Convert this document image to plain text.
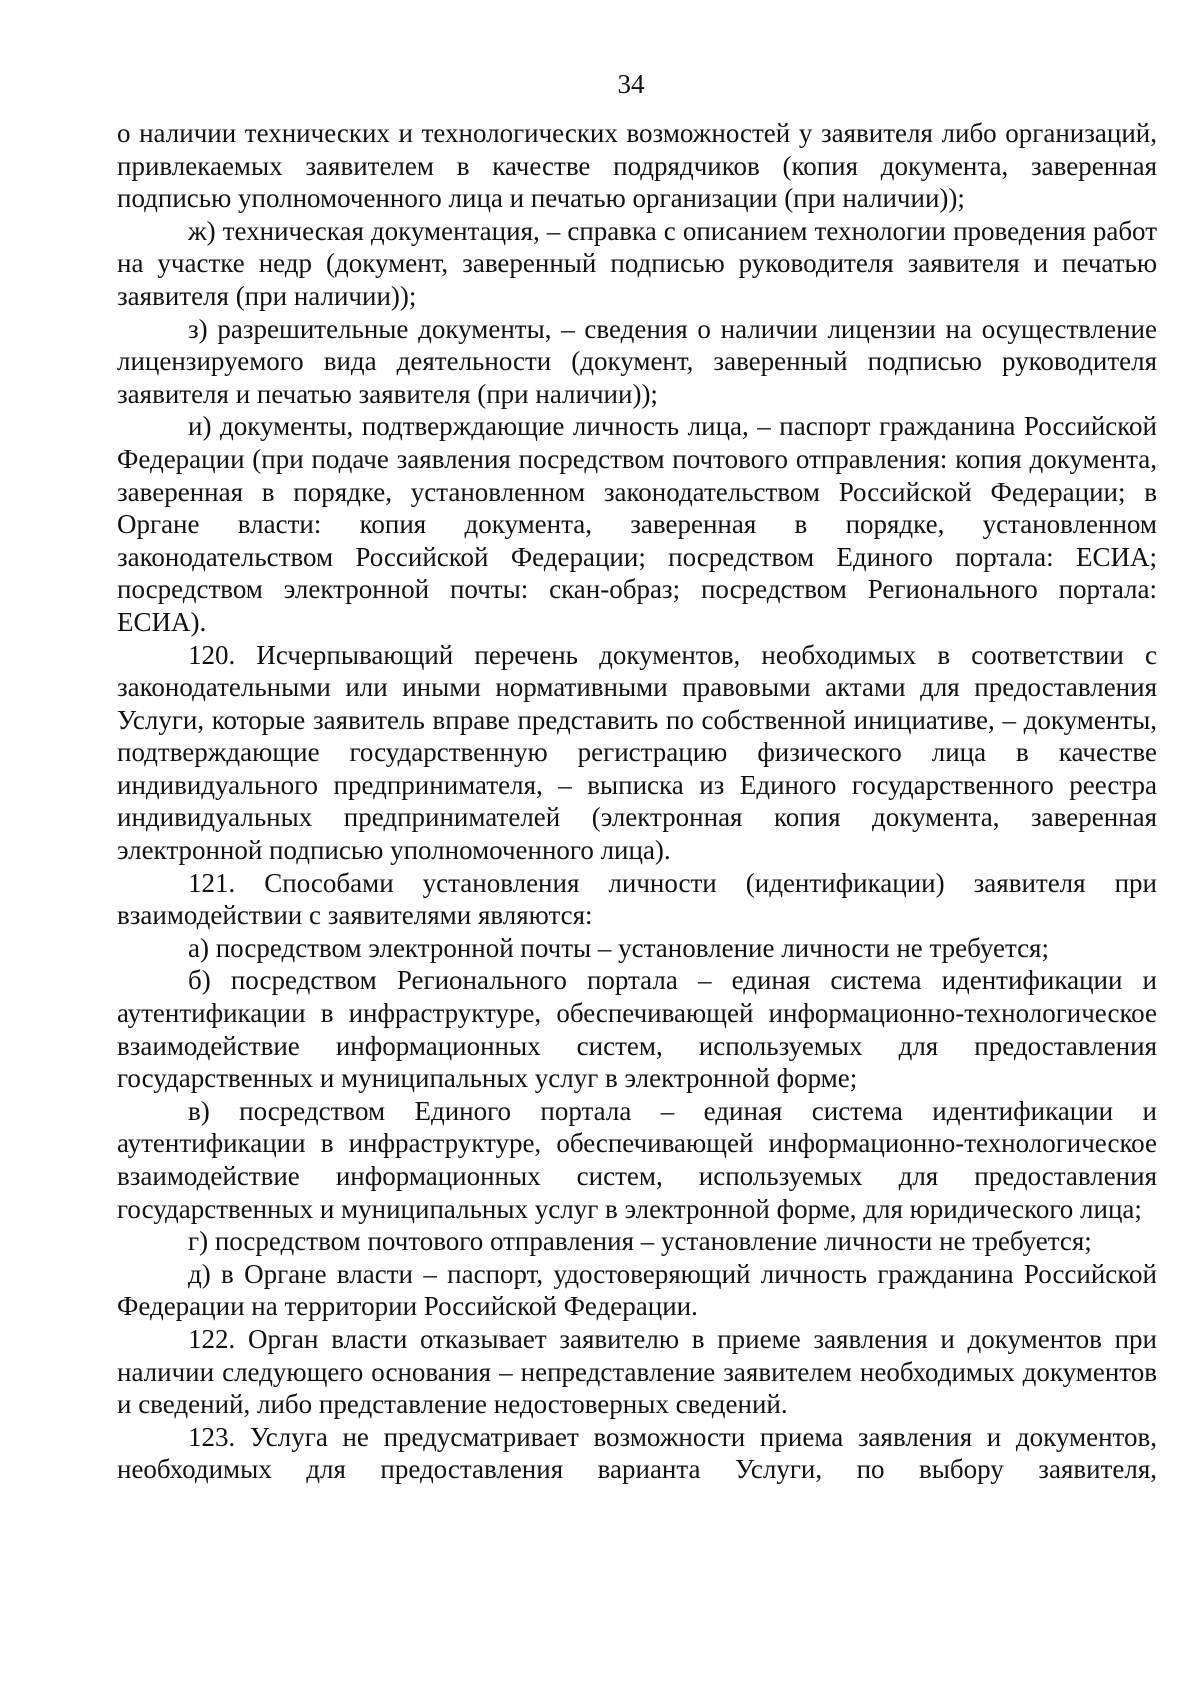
34

о наличии технических и технологических возможностей у заявителя либо организаций, привлекаемых заявителем в качестве подрядчиков (копия документа, заверенная подписью уполномоченного лица и печатью организации (при наличии));

ж) техническая документация, – справка с описанием технологии проведения работ на участке недр (документ, заверенный подписью руководителя заявителя и печатью заявителя (при наличии));

з) разрешительные документы, – сведения о наличии лицензии на осуществление лицензируемого вида деятельности (документ, заверенный подписью руководителя заявителя и печатью заявителя (при наличии));

и) документы, подтверждающие личность лица, – паспорт гражданина Российской Федерации (при подаче заявления посредством почтового отправления: копия документа, заверенная в порядке, установленном законодательством Российской Федерации; в Органе власти: копия документа, заверенная в порядке, установленном законодательством Российской Федерации; посредством Единого портала: ЕСИА; посредством электронной почты: скан-образ; посредством Регионального портала: ЕСИА).

120. Исчерпывающий перечень документов, необходимых в соответствии с законодательными или иными нормативными правовыми актами для предоставления Услуги, которые заявитель вправе представить по собственной инициативе, – документы, подтверждающие государственную регистрацию физического лица в качестве индивидуального предпринимателя, – выписка из Единого государственного реестра индивидуальных предпринимателей (электронная копия документа, заверенная электронной подписью уполномоченного лица).

121. Способами установления личности (идентификации) заявителя при взаимодействии с заявителями являются:

а) посредством электронной почты – установление личности не требуется;

б) посредством Регионального портала – единая система идентификации и аутентификации в инфраструктуре, обеспечивающей информационно-технологическое взаимодействие информационных систем, используемых для предоставления государственных и муниципальных услуг в электронной форме;

в) посредством Единого портала – единая система идентификации и аутентификации в инфраструктуре, обеспечивающей информационно-технологическое взаимодействие информационных систем, используемых для предоставления государственных и муниципальных услуг в электронной форме, для юридического лица;

г) посредством почтового отправления – установление личности не требуется;

д) в Органе власти – паспорт, удостоверяющий личность гражданина Российской Федерации на территории Российской Федерации.

122. Орган власти отказывает заявителю в приеме заявления и документов при наличии следующего основания – непредставление заявителем необходимых документов и сведений, либо представление недостоверных сведений.

123. Услуга не предусматривает возможности приема заявления и документов, необходимых для предоставления варианта Услуги, по выбору заявителя,
